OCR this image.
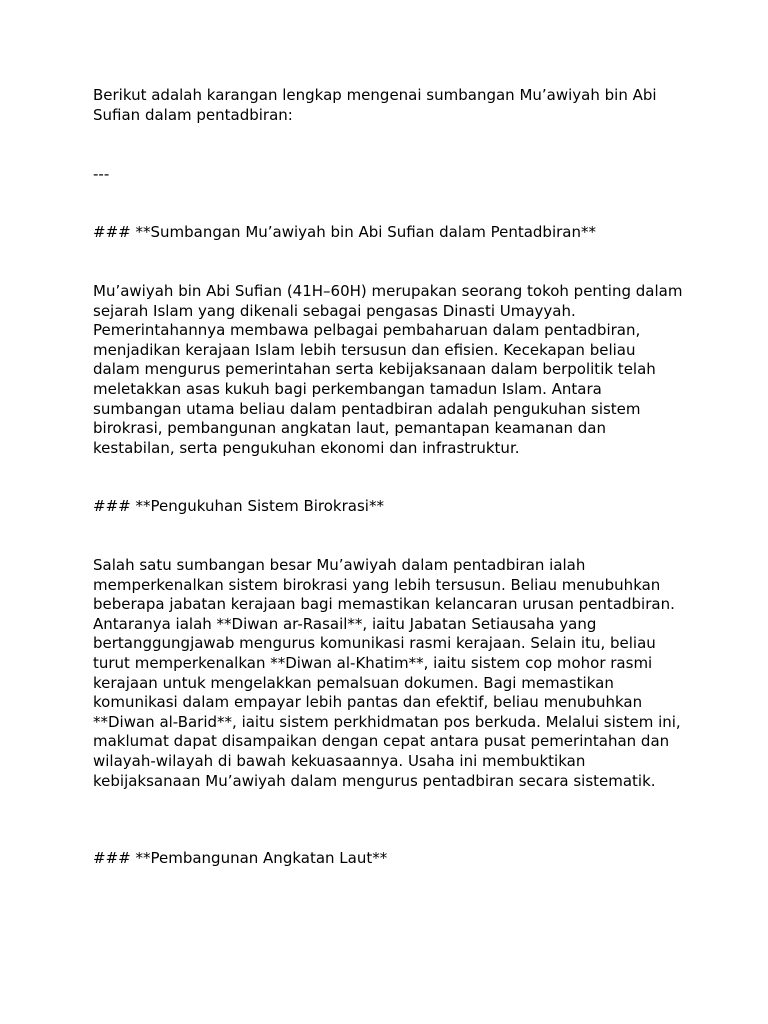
Berikut adalah karangan lengkap mengenai sumbangan Mu’awiyah bin Abi Sufian dalam pentadbiran:

---

### **Sumbangan Mu’awiyah bin Abi Sufian dalam Pentadbiran**

Mu’awiyah bin Abi Sufian (41H–60H) merupakan seorang tokoh penting dalam sejarah Islam yang dikenali sebagai pengasas Dinasti Umayyah. Pemerintahannya membawa pelbagai pembaharuan dalam pentadbiran, menjadikan kerajaan Islam lebih tersusun dan efisien. Kecekapan beliau dalam mengurus pemerintahan serta kebijaksanaan dalam berpolitik telah meletakkan asas kukuh bagi perkembangan tamadun Islam. Antara sumbangan utama beliau dalam pentadbiran adalah pengukuhan sistem birokrasi, pembangunan angkatan laut, pemantapan keamanan dan kestabilan, serta pengukuhan ekonomi dan infrastruktur.

### **Pengukuhan Sistem Birokrasi**

Salah satu sumbangan besar Mu’awiyah dalam pentadbiran ialah memperkenalkan sistem birokrasi yang lebih tersusun. Beliau menubuhkan beberapa jabatan kerajaan bagi memastikan kelancaran urusan pentadbiran. Antaranya ialah **Diwan ar-Rasail**, iaitu Jabatan Setiausaha yang bertanggungjawab mengurus komunikasi rasmi kerajaan. Selain itu, beliau turut memperkenalkan **Diwan al-Khatim**, iaitu sistem cop mohor rasmi kerajaan untuk mengelakkan pemalsuan dokumen. Bagi memastikan komunikasi dalam empayar lebih pantas dan efektif, beliau menubuhkan **Diwan al-Barid**, iaitu sistem perkhidmatan pos berkuda. Melalui sistem ini, maklumat dapat disampaikan dengan cepat antara pusat pemerintahan dan wilayah-wilayah di bawah kekuasaannya. Usaha ini membuktikan kebijaksanaan Mu’awiyah dalam mengurus pentadbiran secara sistematik.

### **Pembangunan Angkatan Laut**
